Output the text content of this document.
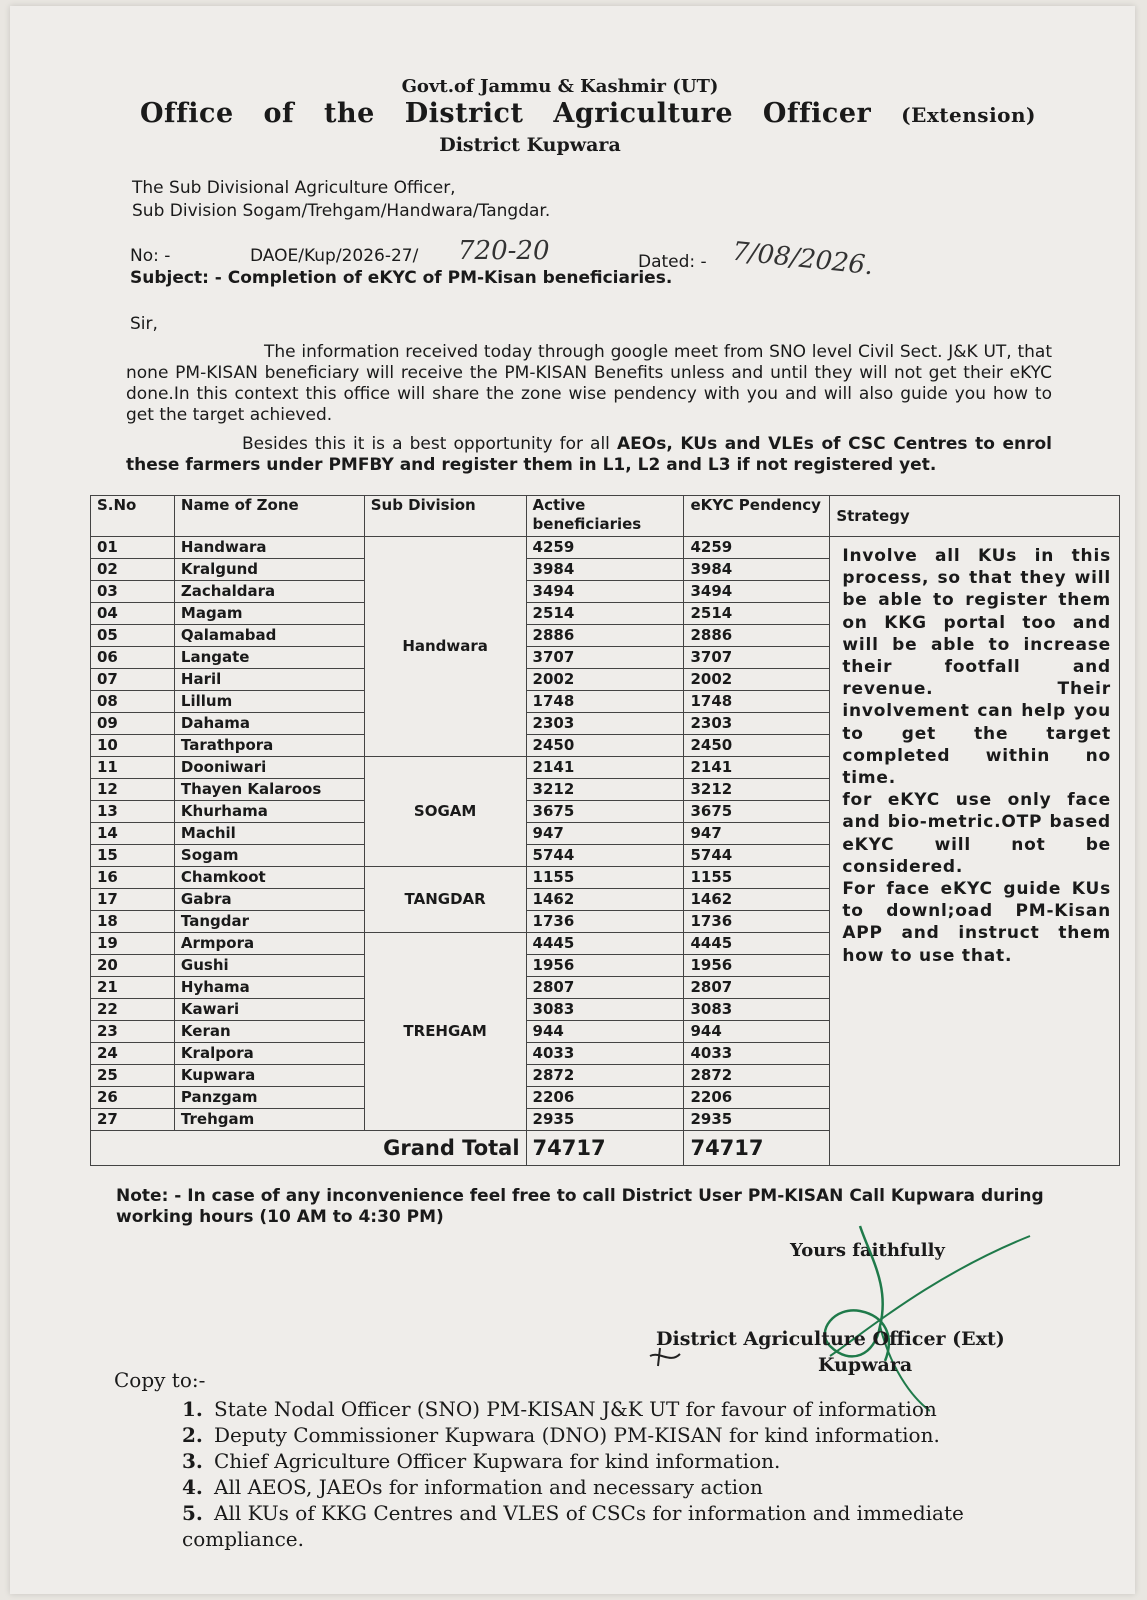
Govt.of Jammu & Kashmir (UT)
Office of the District Agriculture Officer (Extension)
District Kupwara
The Sub Divisional Agriculture Officer,
Sub Division Sogam/Trehgam/Handwara/Tangdar.
No: -	DAOE/Kup/2026-27/ 720-20	Dated: - 7/08/2026.
Subject: - Completion of eKYC of PM-Kisan beneficiaries.
Sir,
The information received today through google meet from SNO level Civil Sect. J&K UT, that none PM-KISAN beneficiary will receive the PM-KISAN Benefits unless and until they will not get their eKYC done.In this context this office will share the zone wise pendency with you and will also guide you how to get the target achieved.
Besides this it is a best opportunity for all AEOs, KUs and VLEs of CSC Centres to enrol these farmers under PMFBY and register them in L1, L2 and L3 if not registered yet.
S.No	Name of Zone	Sub Division	Active beneficiaries	eKYC Pendency	Strategy
01	Handwara	Handwara	4259	4259	Involve all KUs in this process, so that they will be able to register them on KKG portal too and will be able to increase their footfall and revenue. Their involvement can help you to get the target completed within no time.
for eKYC use only face and bio-metric.OTP based eKYC will not be considered.
For face eKYC guide KUs to downl;oad PM-Kisan APP and instruct them how to use that.
02	Kralgund		3984	3984	
03	Zachaldara		3494	3494	
04	Magam		2514	2514	
05	Qalamabad		2886	2886	
06	Langate		3707	3707	
07	Haril		2002	2002	
08	Lillum		1748	1748	
09	Dahama		2303	2303	
10	Tarathpora		2450	2450	
11	Dooniwari	SOGAM	2141	2141	
12	Thayen Kalaroos		3212	3212	
13	Khurhama		3675	3675	
14	Machil		947	947	
15	Sogam		5744	5744	
16	Chamkoot	TANGDAR	1155	1155	
17	Gabra		1462	1462	
18	Tangdar		1736	1736	
19	Armpora	TREHGAM	4445	4445	
20	Gushi		1956	1956	
21	Hyhama		2807	2807	
22	Kawari		3083	3083	
23	Keran		944	944	
24	Kralpora		4033	4033	
25	Kupwara		2872	2872	
26	Panzgam		2206	2206	
27	Trehgam		2935	2935	
Grand Total			74717	74717	
Note: - In case of any inconvenience feel free to call District User PM-KISAN Call Kupwara during working hours (10 AM to 4:30 PM)
Yours faithfully
District Agriculture Officer (Ext)
Kupwara
Copy to:-
1. State Nodal Officer (SNO) PM-KISAN J&K UT for favour of information
2. Deputy Commissioner Kupwara (DNO) PM-KISAN for kind information.
3. Chief Agriculture Officer Kupwara for kind information.
4. All AEOS, JAEOs for information and necessary action
5. All KUs of KKG Centres and VLES of CSCs for information and immediate compliance.
